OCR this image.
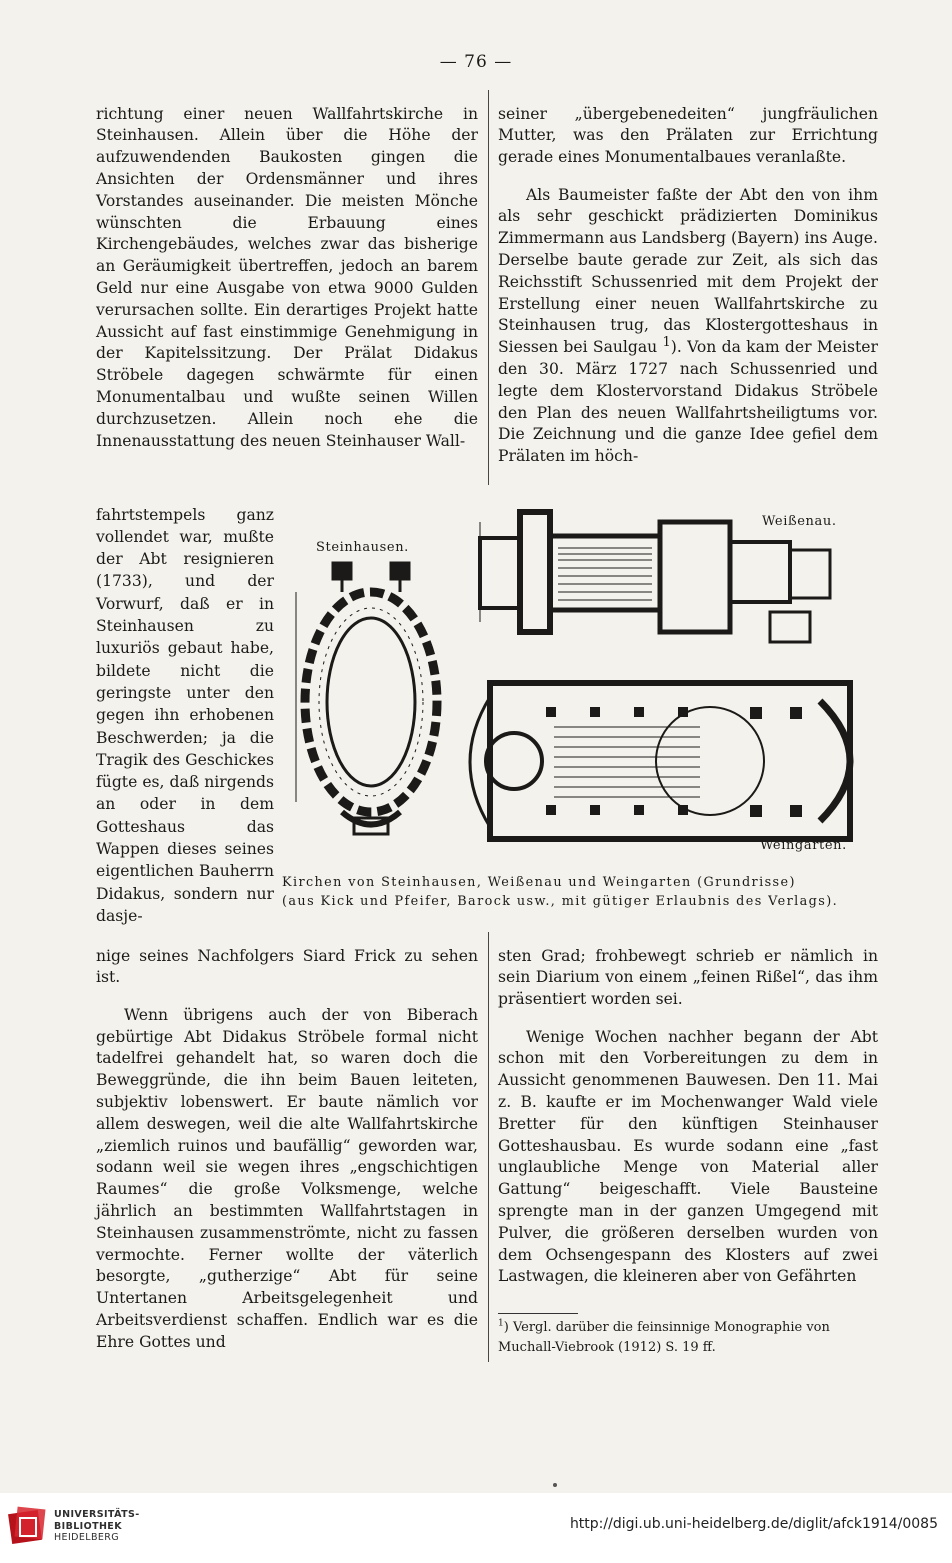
— 76 —

richtung einer neuen Wallfahrtskirche in Steinhausen. Allein über die Höhe der aufzuwendenden Baukosten gingen die Ansichten der Ordensmänner und ihres Vorstandes auseinander. Die meisten Mönche wünschten die Erbauung eines Kirchengebäudes, welches zwar das bisherige an Geräumigkeit übertreffen, jedoch an barem Geld nur eine Ausgabe von etwa 9000 Gulden verursachen sollte. Ein derartiges Projekt hatte Aussicht auf fast einstimmige Genehmigung in der Kapitelssitzung. Der Prälat Didakus Ströbele dagegen schwärmte für einen Monumentalbau und wußte seinen Willen durchzusetzen. Allein noch ehe die Innenausstattung des neuen Steinhauser Wall-

fahrtstempels ganz vollendet war, mußte der Abt resignieren (1733), und der Vorwurf, daß er in Steinhausen zu luxuriös gebaut habe, bildete nicht die geringste unter den gegen ihn erhobenen Beschwerden; ja die Tragik des Geschickes fügte es, daß nirgends an oder in dem Gotteshaus das Wappen dieses seines eigentlichen Bauherrn Didakus, sondern nur dasje-

Steinhausen.
Weißenau.
Weingarten.
Kirchen von Steinhausen, Weißenau und Weingarten (Grundrisse)
(aus Kick und Pfeifer, Barock usw., mit gütiger Erlaubnis des Verlags).

nige seines Nachfolgers Siard Frick zu sehen ist.

Wenn übrigens auch der von Biberach gebürtige Abt Didakus Ströbele formal nicht tadelfrei gehandelt hat, so waren doch die Beweggründe, die ihn beim Bauen leiteten, subjektiv lobenswert. Er baute nämlich vor allem deswegen, weil die alte Wallfahrtskirche „ziemlich ruinos und baufällig“ geworden war, sodann weil sie wegen ihres „engschichtigen Raumes“ die große Volksmenge, welche jährlich an bestimmten Wallfahrtstagen in Steinhausen zusammenströmte, nicht zu fassen vermochte. Ferner wollte der väterlich besorgte, „gutherzige“ Abt für seine Untertanen Arbeitsgelegenheit und Arbeitsverdienst schaffen. Endlich war es die Ehre Gottes und

seiner „übergebenedeiten“ jungfräulichen Mutter, was den Prälaten zur Errichtung gerade eines Monumentalbaues veranlaßte.

Als Baumeister faßte der Abt den von ihm als sehr geschickt prädizierten Dominikus Zimmermann aus Landsberg (Bayern) ins Auge. Derselbe baute gerade zur Zeit, als sich das Reichsstift Schussenried mit dem Projekt der Erstellung einer neuen Wallfahrtskirche zu Steinhausen trug, das Klostergotteshaus in Siessen bei Saulgau $^1$). Von da kam der Meister den 30. März 1727 nach Schussenried und legte dem Klostervorstand Didakus Ströbele den Plan des neuen Wallfahrtsheiligtums vor. Die Zeichnung und die ganze Idee gefiel dem Prälaten im höch-

sten Grad; frohbewegt schrieb er nämlich in sein Diarium von einem „feinen Rißel“, das ihm präsentiert worden sei.

Wenige Wochen nachher begann der Abt schon mit den Vorbereitungen zu dem in Aussicht genommenen Bauwesen. Den 11. Mai z. B. kaufte er im Mochenwanger Wald viele Bretter für den künftigen Steinhauser Gotteshausbau. Es wurde sodann eine „fast unglaubliche Menge von Material aller Gattung“ beigeschafft. Viele Bausteine sprengte man in der ganzen Umgegend mit Pulver, die größeren derselben wurden von dem Ochsengespann des Klosters auf zwei Lastwagen, die kleineren aber von Gefährten

$^1$) Vergl. darüber die feinsinnige Monographie von Muchall-Viebrook (1912) S. 19 ff.
UNIVERSITÄTS-
BIBLIOTHEK
HEIDELBERG
http://digi.ub.uni-heidelberg.de/diglit/afck1914/0085
